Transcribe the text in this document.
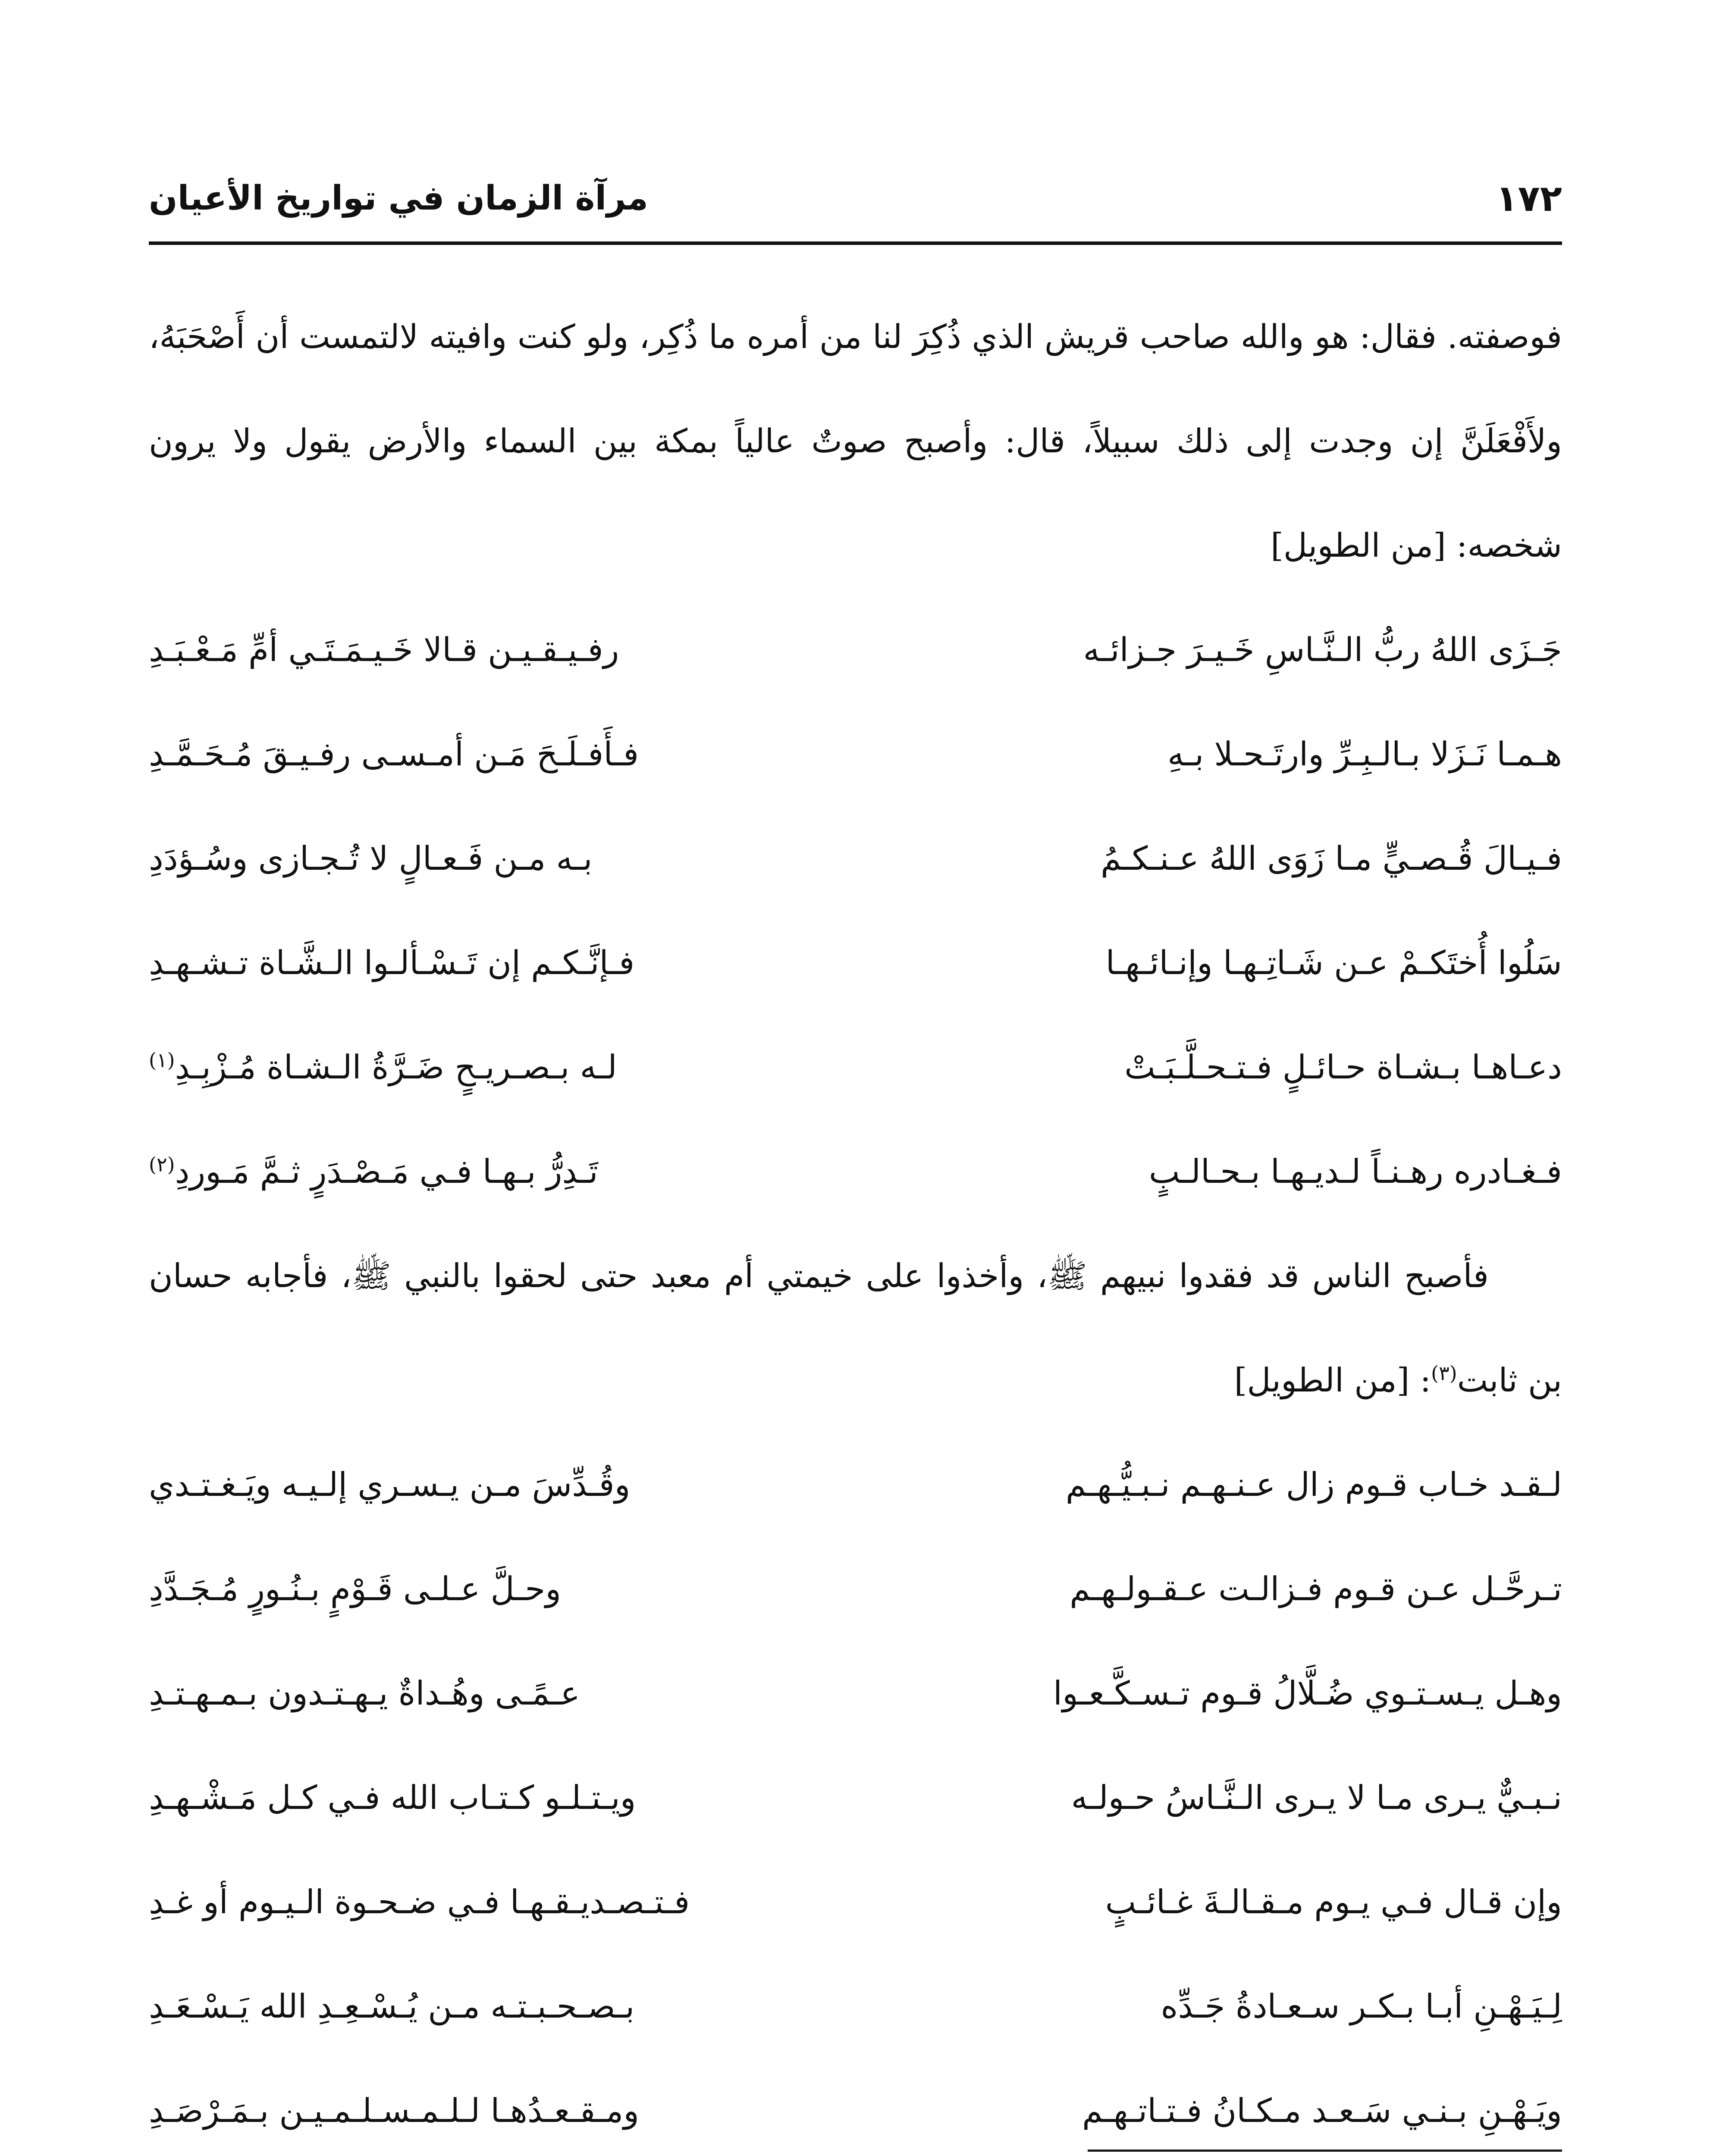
١٧٢
مرآة الزمان في تواريخ الأعيان

فوصفته. فقال: هو والله صاحب قريش الذي ذُكِرَ لنا من أمره ما ذُكِر، ولو كنت وافيته لالتمست أن أَصْحَبَهُ، ولأَفْعَلَنَّ إن وجدت إلى ذلك سبيلاً، قال: وأصبح صوتٌ عالياً بمكة بين السماء والأرض يقول ولا يرون شخصه: [من الطويل]

جَـزَى اللهُ ربُّ الـنَّـاسِ خَـيـرَ جـزائـه
رفـيـقـيـن قـالا خَـيـمَـتَـي أمِّ مَـعْـبَـدِ
هـمـا نَـزَلا بـالـبِـرِّ وارتَـحـلا بـهِ
فـأَفـلَـحَ مَـن أمـسـى رفـيـقَ مُـحَـمَّـدِ
فـيـالَ قُـصـيٍّ مـا زَوَى اللهُ عـنـكـمُ
بـه مـن فَـعـالٍ لا تُـجـازى وسُـؤدَدِ
سَلُوا أُختَكـمْ عـن شَـاتِـهـا وإنـائـهـا
فـإنَّـكـم إن تَـسْـألـوا الـشَّـاة تـشـهـدِ
دعـاهـا بـشـاة حـائـلٍ فـتـحـلَّـبَـتْ
لـه بـصـريـحٍ ضَـرَّةُ الـشـاة مُـزْبِـدِ$^{(١)}$
فـغـادره رهـنـاً لـديـهـا بـحـالـبٍ
تَـدِرُّ بـهـا فـي مَـصْـدَرٍ ثـمَّ مَـوردِ$^{(٢)}$

فأصبح الناس قد فقدوا نبيهم ﷺ، وأخذوا على خيمتي أم معبد حتى لحقوا بالنبي ﷺ، فأجابه حسان بن ثابت$^{(٣)}$: [من الطويل]

لـقـد خـاب قـوم زال عـنـهـم نـبـيُّـهـم
وقُـدِّسَ مـن يـسـري إلـيـه ويَـغـتـدي
تـرحَّـل عـن قـوم فـزالـت عـقـولـهـم
وحـلَّ عـلـى قَـوْمٍ بـنُـورٍ مُـجَـدَّدِ
وهـل يـسـتـوي ضُـلَّالُ قـوم تـسـكَّـعـوا
عـمًـى وهُـداةٌ يـهـتـدون بـمـهـتـدِ
نـبـيٌّ يـرى مـا لا يـرى الـنَّـاسُ حـولـه
ويـتـلـو كـتـاب الله فـي كـل مَـشْـهـدِ
وإن قـال فـي يـوم مـقـالـةَ غـائـبٍ
فـتـصـديـقـهـا فـي ضـحـوة الـيـوم أو غـدِ
لِـيَـهْـنِ أبـا بـكـر سـعـادةُ جَـدِّه
بـصـحـبـتـه مـن يُـسْـعِـدِ الله يَـسْـعَـدِ
ويَـهْـنِ بـنـي سَـعـد مـكـانُ فـتـاتـهـم
ومـقـعـدُهـا لـلـمـسـلـمـيـن بـمَـرْصَـدِ
